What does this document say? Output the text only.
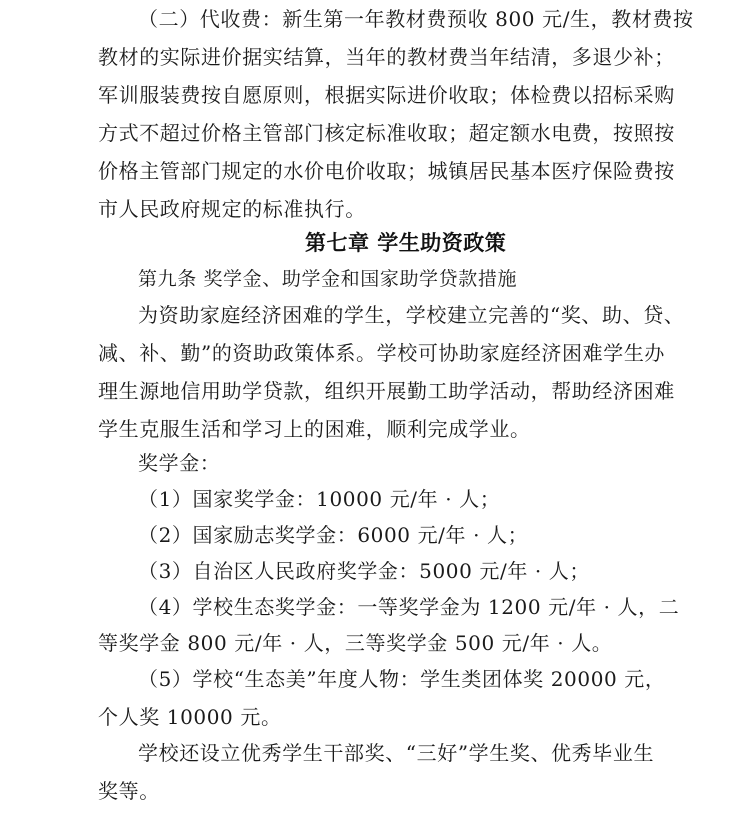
（二）代收费：新生第一年教材费预收 800 元/生，教材费按
教材的实际进价据实结算，当年的教材费当年结清，多退少补；
军训服装费按自愿原则，根据实际进价收取；体检费以招标采购
方式不超过价格主管部门核定标准收取；超定额水电费，按照按
价格主管部门规定的水价电价收取；城镇居民基本医疗保险费按
市人民政府规定的标准执行。
第七章 学生助资政策
第九条 奖学金、助学金和国家助学贷款措施
为资助家庭经济困难的学生，学校建立完善的“奖、助、贷、
减、补、勤”的资助政策体系。学校可协助家庭经济困难学生办
理生源地信用助学贷款，组织开展勤工助学活动，帮助经济困难
学生克服生活和学习上的困难，顺利完成学业。
奖学金：
（1）国家奖学金：10000 元/年 · 人；
（2）国家励志奖学金：6000 元/年 · 人；
（3）自治区人民政府奖学金：5000 元/年 · 人；
（4）学校生态奖学金：一等奖学金为 1200 元/年 · 人，二
等奖学金 800 元/年 · 人，三等奖学金 500 元/年 · 人。
（5）学校“生态美”年度人物：学生类团体奖 20000 元，
个人奖 10000 元。
学校还设立优秀学生干部奖、“三好”学生奖、优秀毕业生
奖等。
